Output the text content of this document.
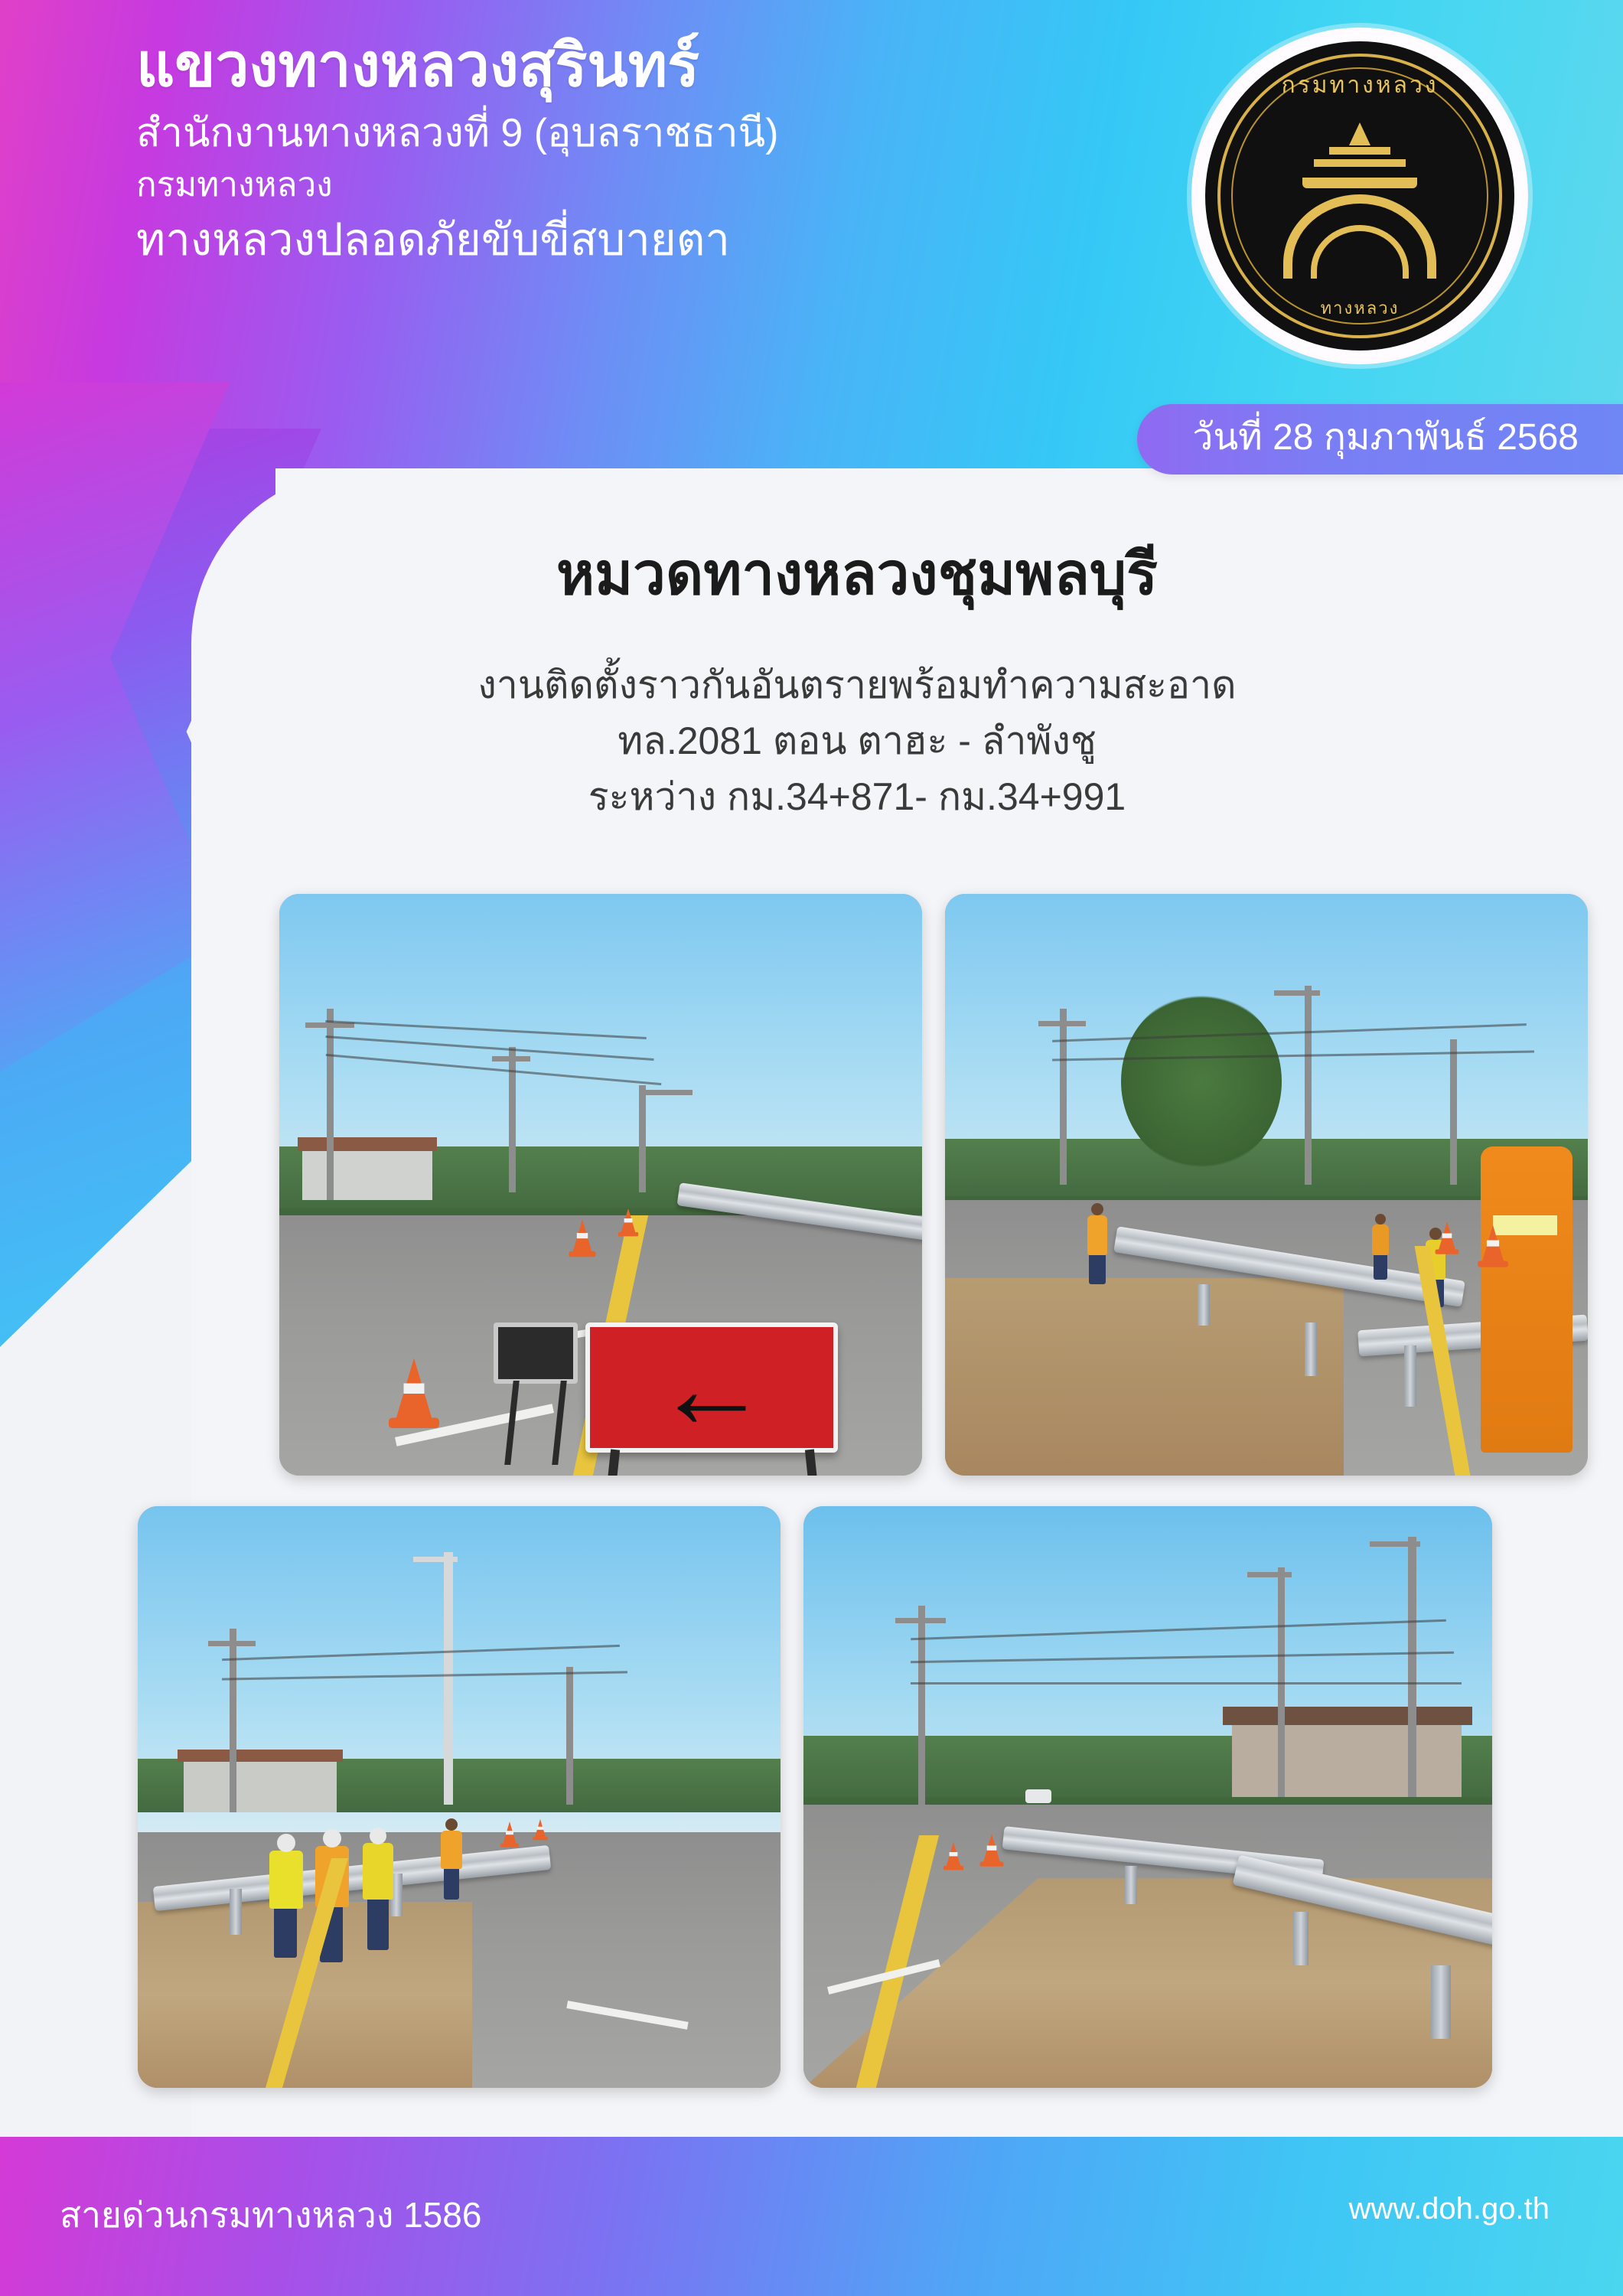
แขวงทางหลวงสุรินทร์
สำนักงานทางหลวงที่ 9 (อุบลราชธานี)
กรมทางหลวง
ทางหลวงปลอดภัยขับขี่สบายตา
กรมทางหลวง
ทางหลวง
วันที่ 28 กุมภาพันธ์ 2568
หมวดทางหลวงชุมพลบุรี
งานติดตั้งราวกันอันตรายพร้อมทำความสะอาด
ทล.2081 ตอน ตาฮะ - ลำพังชู
ระหว่าง กม.34+871- กม.34+991
←
สายด่วนกรมทางหลวง 1586	www.doh.go.th
